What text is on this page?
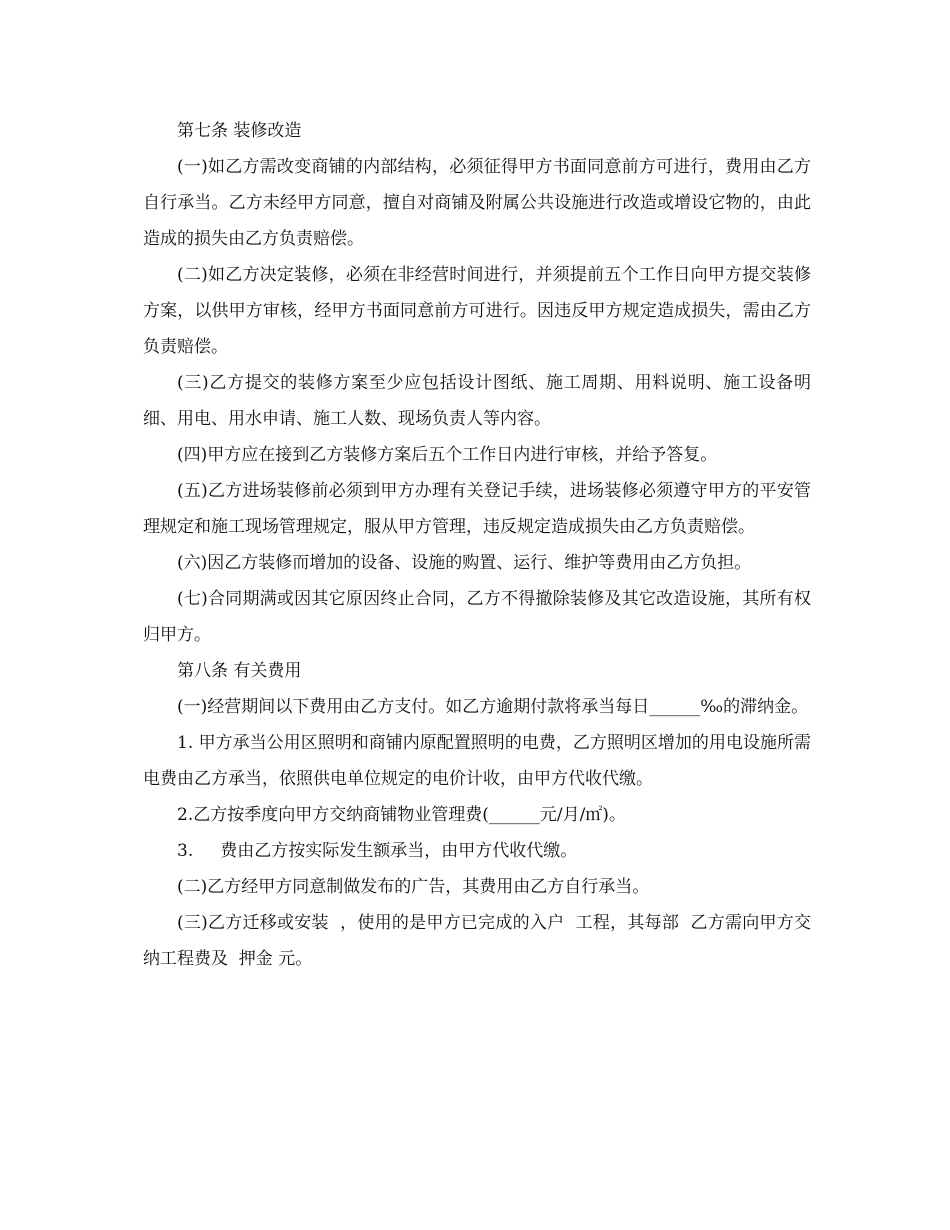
第七条 装修改造

(一)如乙方需改变商铺的内部结构，必须征得甲方书面同意前方可进行，费用由乙方自行承当。乙方未经甲方同意，擅自对商铺及附属公共设施进行改造或增设它物的，由此造成的损失由乙方负责赔偿。

(二)如乙方决定装修，必须在非经营时间进行，并须提前五个工作日向甲方提交装修方案，以供甲方审核，经甲方书面同意前方可进行。因违反甲方规定造成损失，需由乙方负责赔偿。

(三)乙方提交的装修方案至少应包括设计图纸、施工周期、用料说明、施工设备明细、用电、用水申请、施工人数、现场负责人等内容。

(四)甲方应在接到乙方装修方案后五个工作日内进行审核，并给予答复。

(五)乙方进场装修前必须到甲方办理有关登记手续，进场装修必须遵守甲方的平安管理规定和施工现场管理规定，服从甲方管理，违反规定造成损失由乙方负责赔偿。

(六)因乙方装修而增加的设备、设施的购置、运行、维护等费用由乙方负担。

(七)合同期满或因其它原因终止合同，乙方不得撤除装修及其它改造设施，其所有权归甲方。

第八条 有关费用

(一)经营期间以下费用由乙方支付。如乙方逾期付款将承当每日______‰的滞纳金。

1. 甲方承当公用区照明和商铺内原配置照明的电费，乙方照明区增加的用电设施所需电费由乙方承当，依照供电单位规定的电价计收，由甲方代收代缴。

2.乙方按季度向甲方交纳商铺物业管理费(______元/月/㎡)。

3.     费由乙方按实际发生额承当，由甲方代收代缴。

(二)乙方经甲方同意制做发布的广告，其费用由乙方自行承当。

(三)乙方迁移或安装  ，使用的是甲方已完成的入户  工程，其每部  乙方需向甲方交纳工程费及  押金 元。
